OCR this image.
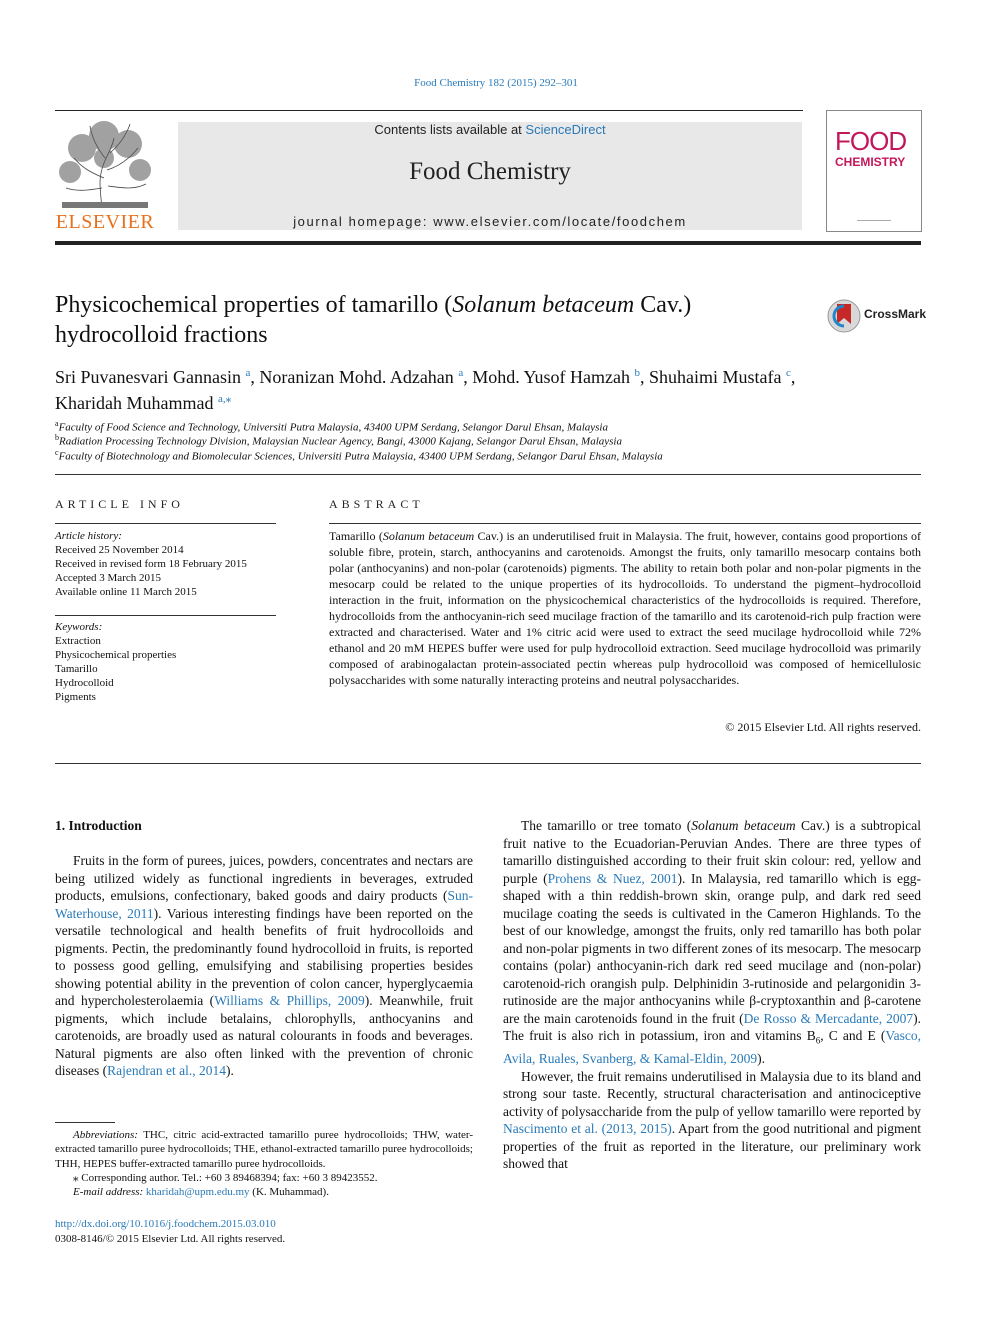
Food Chemistry 182 (2015) 292–301
ELSEVIER
Contents lists available at ScienceDirect
Food Chemistry
journal homepage: www.elsevier.com/locate/foodchem
FOOD
CHEMISTRY
Physicochemical properties of tamarillo (Solanum betaceum Cav.) hydrocolloid fractions
CrossMark
Sri Puvanesvari Gannasin $^a$, Noranizan Mohd. Adzahan $^a$, Mohd. Yusof Hamzah $^b$, Shuhaimi Mustafa $^c$,
Kharidah Muhammad $^{a,⁎}$
$^a$Faculty of Food Science and Technology, Universiti Putra Malaysia, 43400 UPM Serdang, Selangor Darul Ehsan, Malaysia
$^b$Radiation Processing Technology Division, Malaysian Nuclear Agency, Bangi, 43000 Kajang, Selangor Darul Ehsan, Malaysia
$^c$Faculty of Biotechnology and Biomolecular Sciences, Universiti Putra Malaysia, 43400 UPM Serdang, Selangor Darul Ehsan, Malaysia
ARTICLE INFO
Article history:
Received 25 November 2014
Received in revised form 18 February 2015
Accepted 3 March 2015
Available online 11 March 2015
Keywords:
Extraction
Physicochemical properties
Tamarillo
Hydrocolloid
Pigments
ABSTRACT
Tamarillo (Solanum betaceum Cav.) is an underutilised fruit in Malaysia. The fruit, however, contains good proportions of soluble fibre, protein, starch, anthocyanins and carotenoids. Amongst the fruits, only tamarillo mesocarp contains both polar (anthocyanins) and non-polar (carotenoids) pigments. The ability to retain both polar and non-polar pigments in the mesocarp could be related to the unique properties of its hydrocolloids. To understand the pigment–hydrocolloid interaction in the fruit, information on the physicochemical characteristics of the hydrocolloids is required. Therefore, hydrocolloids from the anthocyanin-rich seed mucilage fraction of the tamarillo and its carotenoid-rich pulp fraction were extracted and characterised. Water and 1% citric acid were used to extract the seed mucilage hydrocolloid while 72% ethanol and 20 mM HEPES buffer were used for pulp hydrocolloid extraction. Seed mucilage hydrocolloid was primarily composed of arabinogalactan protein-associated pectin whereas pulp hydrocolloid was composed of hemicellulosic polysaccharides with some naturally interacting proteins and neutral polysaccharides.
© 2015 Elsevier Ltd. All rights reserved.
1. Introduction

Fruits in the form of purees, juices, powders, concentrates and nectars are being utilized widely as functional ingredients in beverages, extruded products, emulsions, confectionary, baked goods and dairy products (Sun-Waterhouse, 2011). Various interesting findings have been reported on the versatile technological and health benefits of fruit hydrocolloids and pigments. Pectin, the predominantly found hydrocolloid in fruits, is reported to possess good gelling, emulsifying and stabilising properties besides showing potential ability in the prevention of colon cancer, hyperglycaemia and hypercholesterolaemia (Williams & Phillips, 2009). Meanwhile, fruit pigments, which include betalains, chlorophylls, anthocyanins and carotenoids, are broadly used as natural colourants in foods and beverages. Natural pigments are also often linked with the prevention of chronic diseases (Rajendran et al., 2014).

The tamarillo or tree tomato (Solanum betaceum Cav.) is a subtropical fruit native to the Ecuadorian-Peruvian Andes. There are three types of tamarillo distinguished according to their fruit skin colour: red, yellow and purple (Prohens & Nuez, 2001). In Malaysia, red tamarillo which is egg-shaped with a thin reddish-brown skin, orange pulp, and dark red seed mucilage coating the seeds is cultivated in the Cameron Highlands. To the best of our knowledge, amongst the fruits, only red tamarillo has both polar and non-polar pigments in two different zones of its mesocarp. The mesocarp contains (polar) anthocyanin-rich dark red seed mucilage and (non-polar) carotenoid-rich orangish pulp. Delphinidin 3-rutinoside and pelargonidin 3-rutinoside are the major anthocyanins while β-cryptoxanthin and β-carotene are the main carotenoids found in the fruit (De Rosso & Mercadante, 2007). The fruit is also rich in potassium, iron and vitamins $B_6$, C and E (Vasco, Avila, Ruales, Svanberg, & Kamal-Eldin, 2009).

However, the fruit remains underutilised in Malaysia due to its bland and strong sour taste. Recently, structural characterisation and antinociceptive activity of polysaccharide from the pulp of yellow tamarillo were reported by Nascimento et al. (2013, 2015). Apart from the good nutritional and pigment properties of the fruit as reported in the literature, our preliminary work showed that

Abbreviations: THC, citric acid-extracted tamarillo puree hydrocolloids; THW, water-extracted tamarillo puree hydrocolloids; THE, ethanol-extracted tamarillo puree hydrocolloids; THH, HEPES buffer-extracted tamarillo puree hydrocolloids.

⁎ Corresponding author. Tel.: +60 3 89468394; fax: +60 3 89423552.

E-mail address: kharidah@upm.edu.my (K. Muhammad).

http://dx.doi.org/10.1016/j.foodchem.2015.03.010
0308-8146/© 2015 Elsevier Ltd. All rights reserved.
